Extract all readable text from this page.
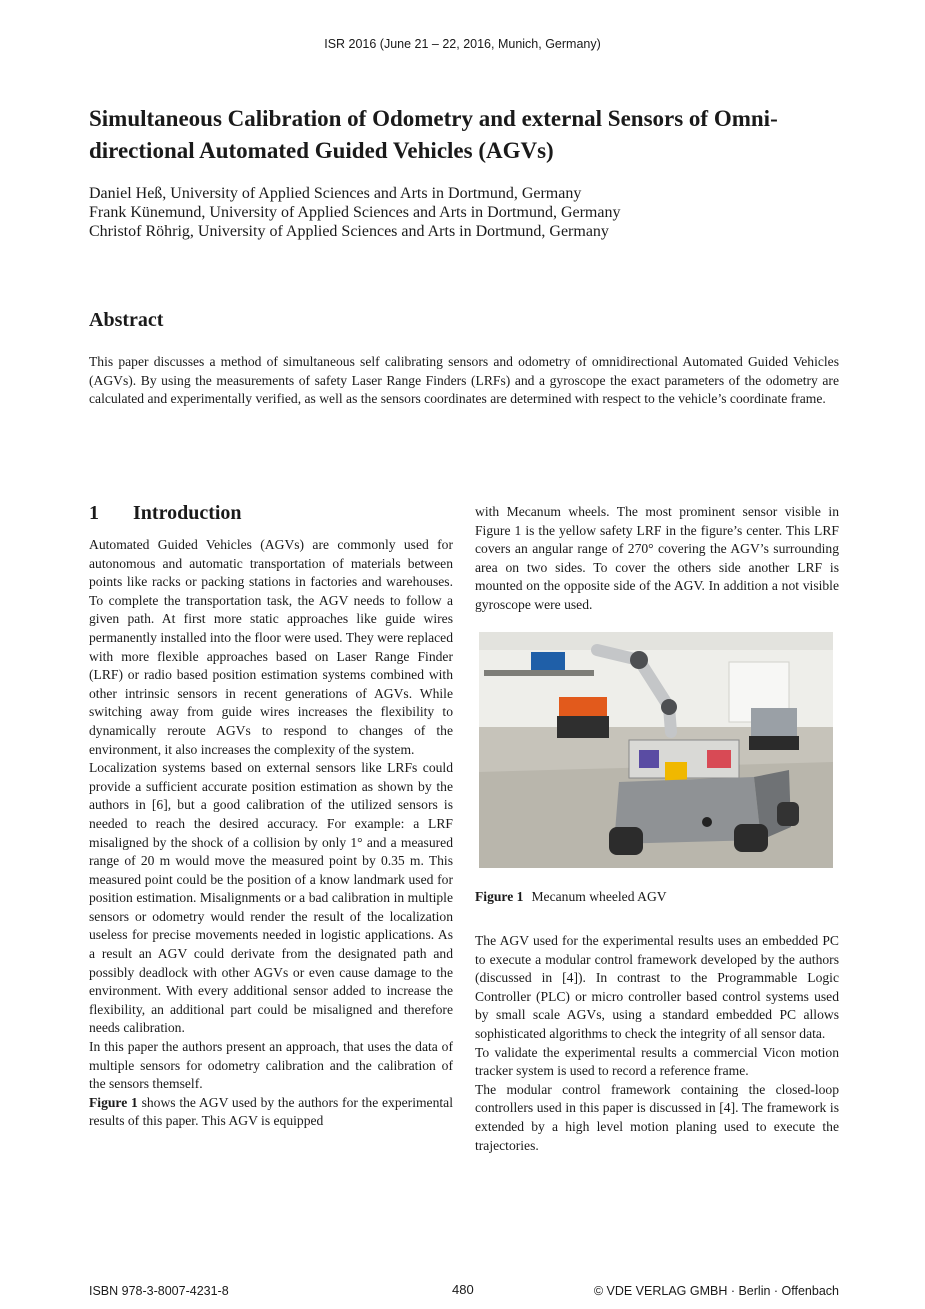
ISR 2016 (June 21 – 22, 2016, Munich, Germany)
Simultaneous Calibration of Odometry and external Sensors of Omni-
directional Automated Guided Vehicles (AGVs)
Daniel Heß, University of Applied Sciences and Arts in Dortmund, Germany
Frank Künemund, University of Applied Sciences and Arts in Dortmund, Germany
Christof Röhrig, University of Applied Sciences and Arts in Dortmund, Germany
Abstract

This paper discusses a method of simultaneous self calibrating sensors and odometry of omnidirectional Automated Guided Vehicles (AGVs). By using the measurements of safety Laser Range Finders (LRFs) and a gyroscope the exact parameters of the odometry are calculated and experimentally verified, as well as the sensors coordinates are determined with respect to the vehicle’s coordinate frame.

1 Introduction

Automated Guided Vehicles (AGVs) are commonly used for autonomous and automatic transportation of materials between points like racks or packing stations in factories and warehouses. To complete the transportation task, the AGV needs to follow a given path. At first more static approaches like guide wires permanently installed into the floor were used. They were replaced with more flexible approaches based on Laser Range Finder (LRF) or radio based position estimation systems combined with other intrinsic sensors in recent generations of AGVs. While switching away from guide wires increases the flexibility to dynamically reroute AGVs to respond to changes of the environment, it also increases the complexity of the system.

Localization systems based on external sensors like LRFs could provide a sufficient accurate position estimation as shown by the authors in [6], but a good calibration of the utilized sensors is needed to reach the desired accuracy. For example: a LRF misaligned by the shock of a collision by only 1° and a measured range of 20 m would move the measured point by 0.35 m. This measured point could be the position of a know landmark used for position estimation. Misalignments or a bad calibration in multiple sensors or odometry would render the result of the localization useless for precise movements needed in logistic applications. As a result an AGV could derivate from the designated path and possibly deadlock with other AGVs or even cause damage to the environment. With every additional sensor added to increase the flexibility, an additional part could be misaligned and therefore needs calibration.

In this paper the authors present an approach, that uses the data of multiple sensors for odometry calibration and the calibration of the sensors themself.

Figure 1 shows the AGV used by the authors for the experimental results of this paper. This AGV is equipped

with Mecanum wheels. The most prominent sensor visible in Figure 1 is the yellow safety LRF in the figure’s center. This LRF covers an angular range of 270° covering the AGV’s surrounding area on two sides. To cover the others side another LRF is mounted on the opposite side of the AGV. In addition a not visible gyroscope were used.

Figure 1 Mecanum wheeled AGV

The AGV used for the experimental results uses an embedded PC to execute a modular control framework developed by the authors (discussed in [4]). In contrast to the Programmable Logic Controller (PLC) or micro controller based control systems used by small scale AGVs, using a standard embedded PC allows sophisticated algorithms to check the integrity of all sensor data.

To validate the experimental results a commercial Vicon motion tracker system is used to record a reference frame.

The modular control framework containing the closed-loop controllers used in this paper is discussed in [4]. The framework is extended by a high level motion planing used to execute the trajectories.

ISBN 978-3-8007-4231-8	480	© VDE VERLAG GMBH · Berlin · Offenbach
